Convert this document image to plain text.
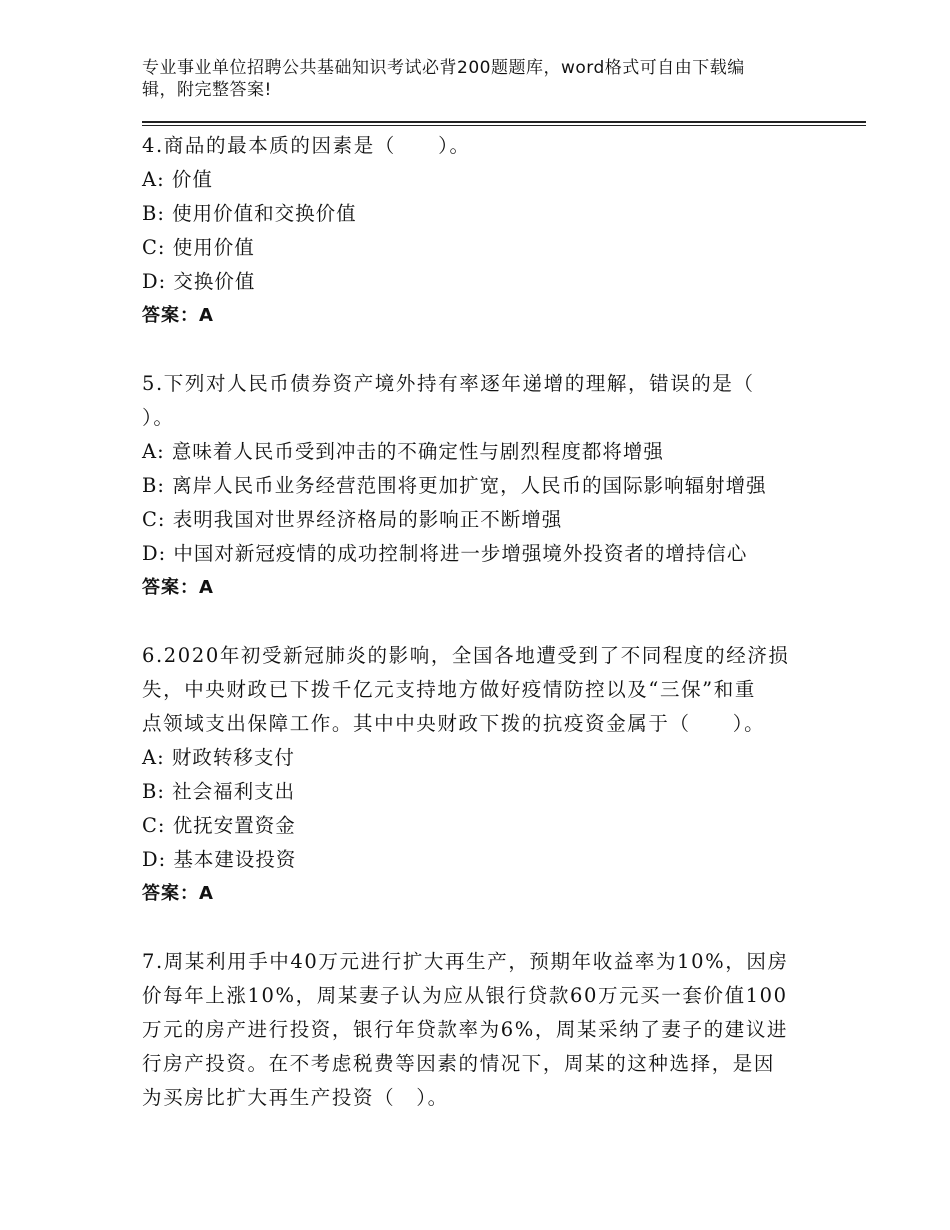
专业事业单位招聘公共基础知识考试必背200题题库，word格式可自由下载编
辑，附完整答案!
4.商品的最本质的因素是（　　）。
A: 价值
B: 使用价值和交换价值
C: 使用价值
D: 交换价值
答案：A
5.下列对人民币债券资产境外持有率逐年递增的理解，错误的是（
）。
A: 意味着人民币受到冲击的不确定性与剧烈程度都将增强
B: 离岸人民币业务经营范围将更加扩宽，人民币的国际影响辐射增强
C: 表明我国对世界经济格局的影响正不断增强
D: 中国对新冠疫情的成功控制将进一步增强境外投资者的增持信心
答案：A
6.2020年初受新冠肺炎的影响，全国各地遭受到了不同程度的经济损
失，中央财政已下拨千亿元支持地方做好疫情防控以及“三保”和重
点领域支出保障工作。其中中央财政下拨的抗疫资金属于（　　）。
A: 财政转移支付
B: 社会福利支出
C: 优抚安置资金
D: 基本建设投资
答案：A
7.周某利用手中40万元进行扩大再生产，预期年收益率为10%，因房
价每年上涨10%，周某妻子认为应从银行贷款60万元买一套价值100
万元的房产进行投资，银行年贷款率为6%，周某采纳了妻子的建议进
行房产投资。在不考虑税费等因素的情况下，周某的这种选择，是因
为买房比扩大再生产投资（　）。
